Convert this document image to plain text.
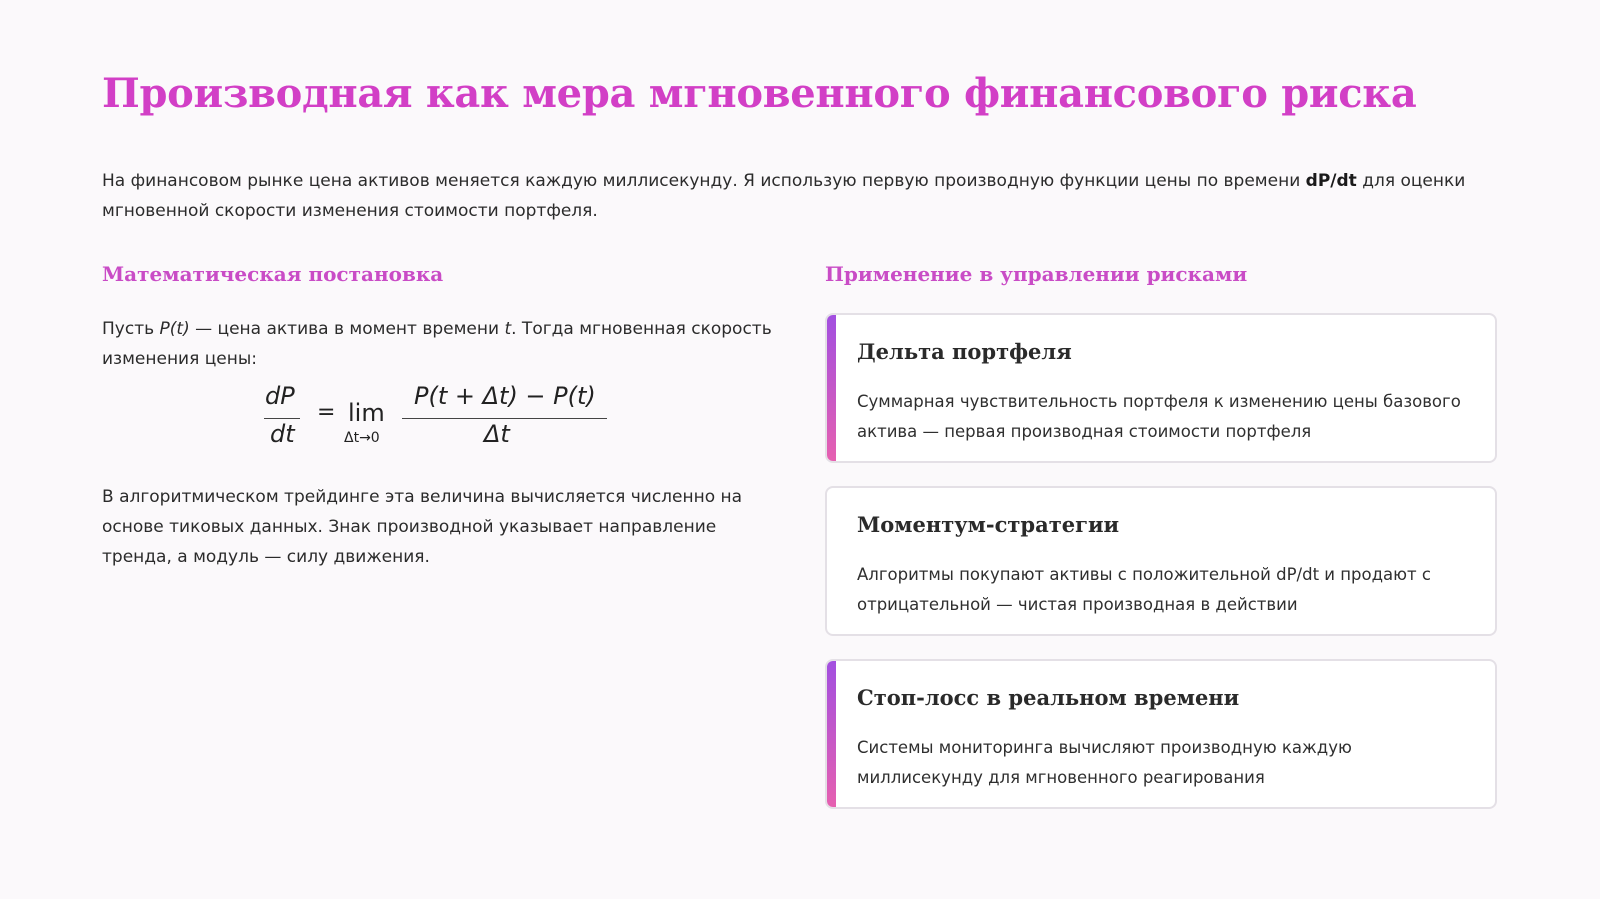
Производная как мера мгновенного финансового риска

На финансовом рынке цена активов меняется каждую миллисекунду. Я использую первую производную функции цены по времени dP/dt для оценки мгновенной скорости изменения стоимости портфеля.

Математическая постановка

Пусть P(t) — цена актива в момент времени t. Тогда мгновенная скорость изменения цены:

dP
dt
= lim
Δt→0
P(t + Δt) − P(t)
Δt

В алгоритмическом трейдинге эта величина вычисляется численно на основе тиковых данных. Знак производной указывает направление тренда, а модуль — силу движения.

Применение в управлении рисками
Дельта портфеля

Суммарная чувствительность портфеля к изменению цены базового актива — первая производная стоимости портфеля

Моментум-стратегии

Алгоритмы покупают активы с положительной dP/dt и продают с отрицательной — чистая производная в действии

Стоп-лосс в реальном времени

Системы мониторинга вычисляют производную каждую миллисекунду для мгновенного реагирования
